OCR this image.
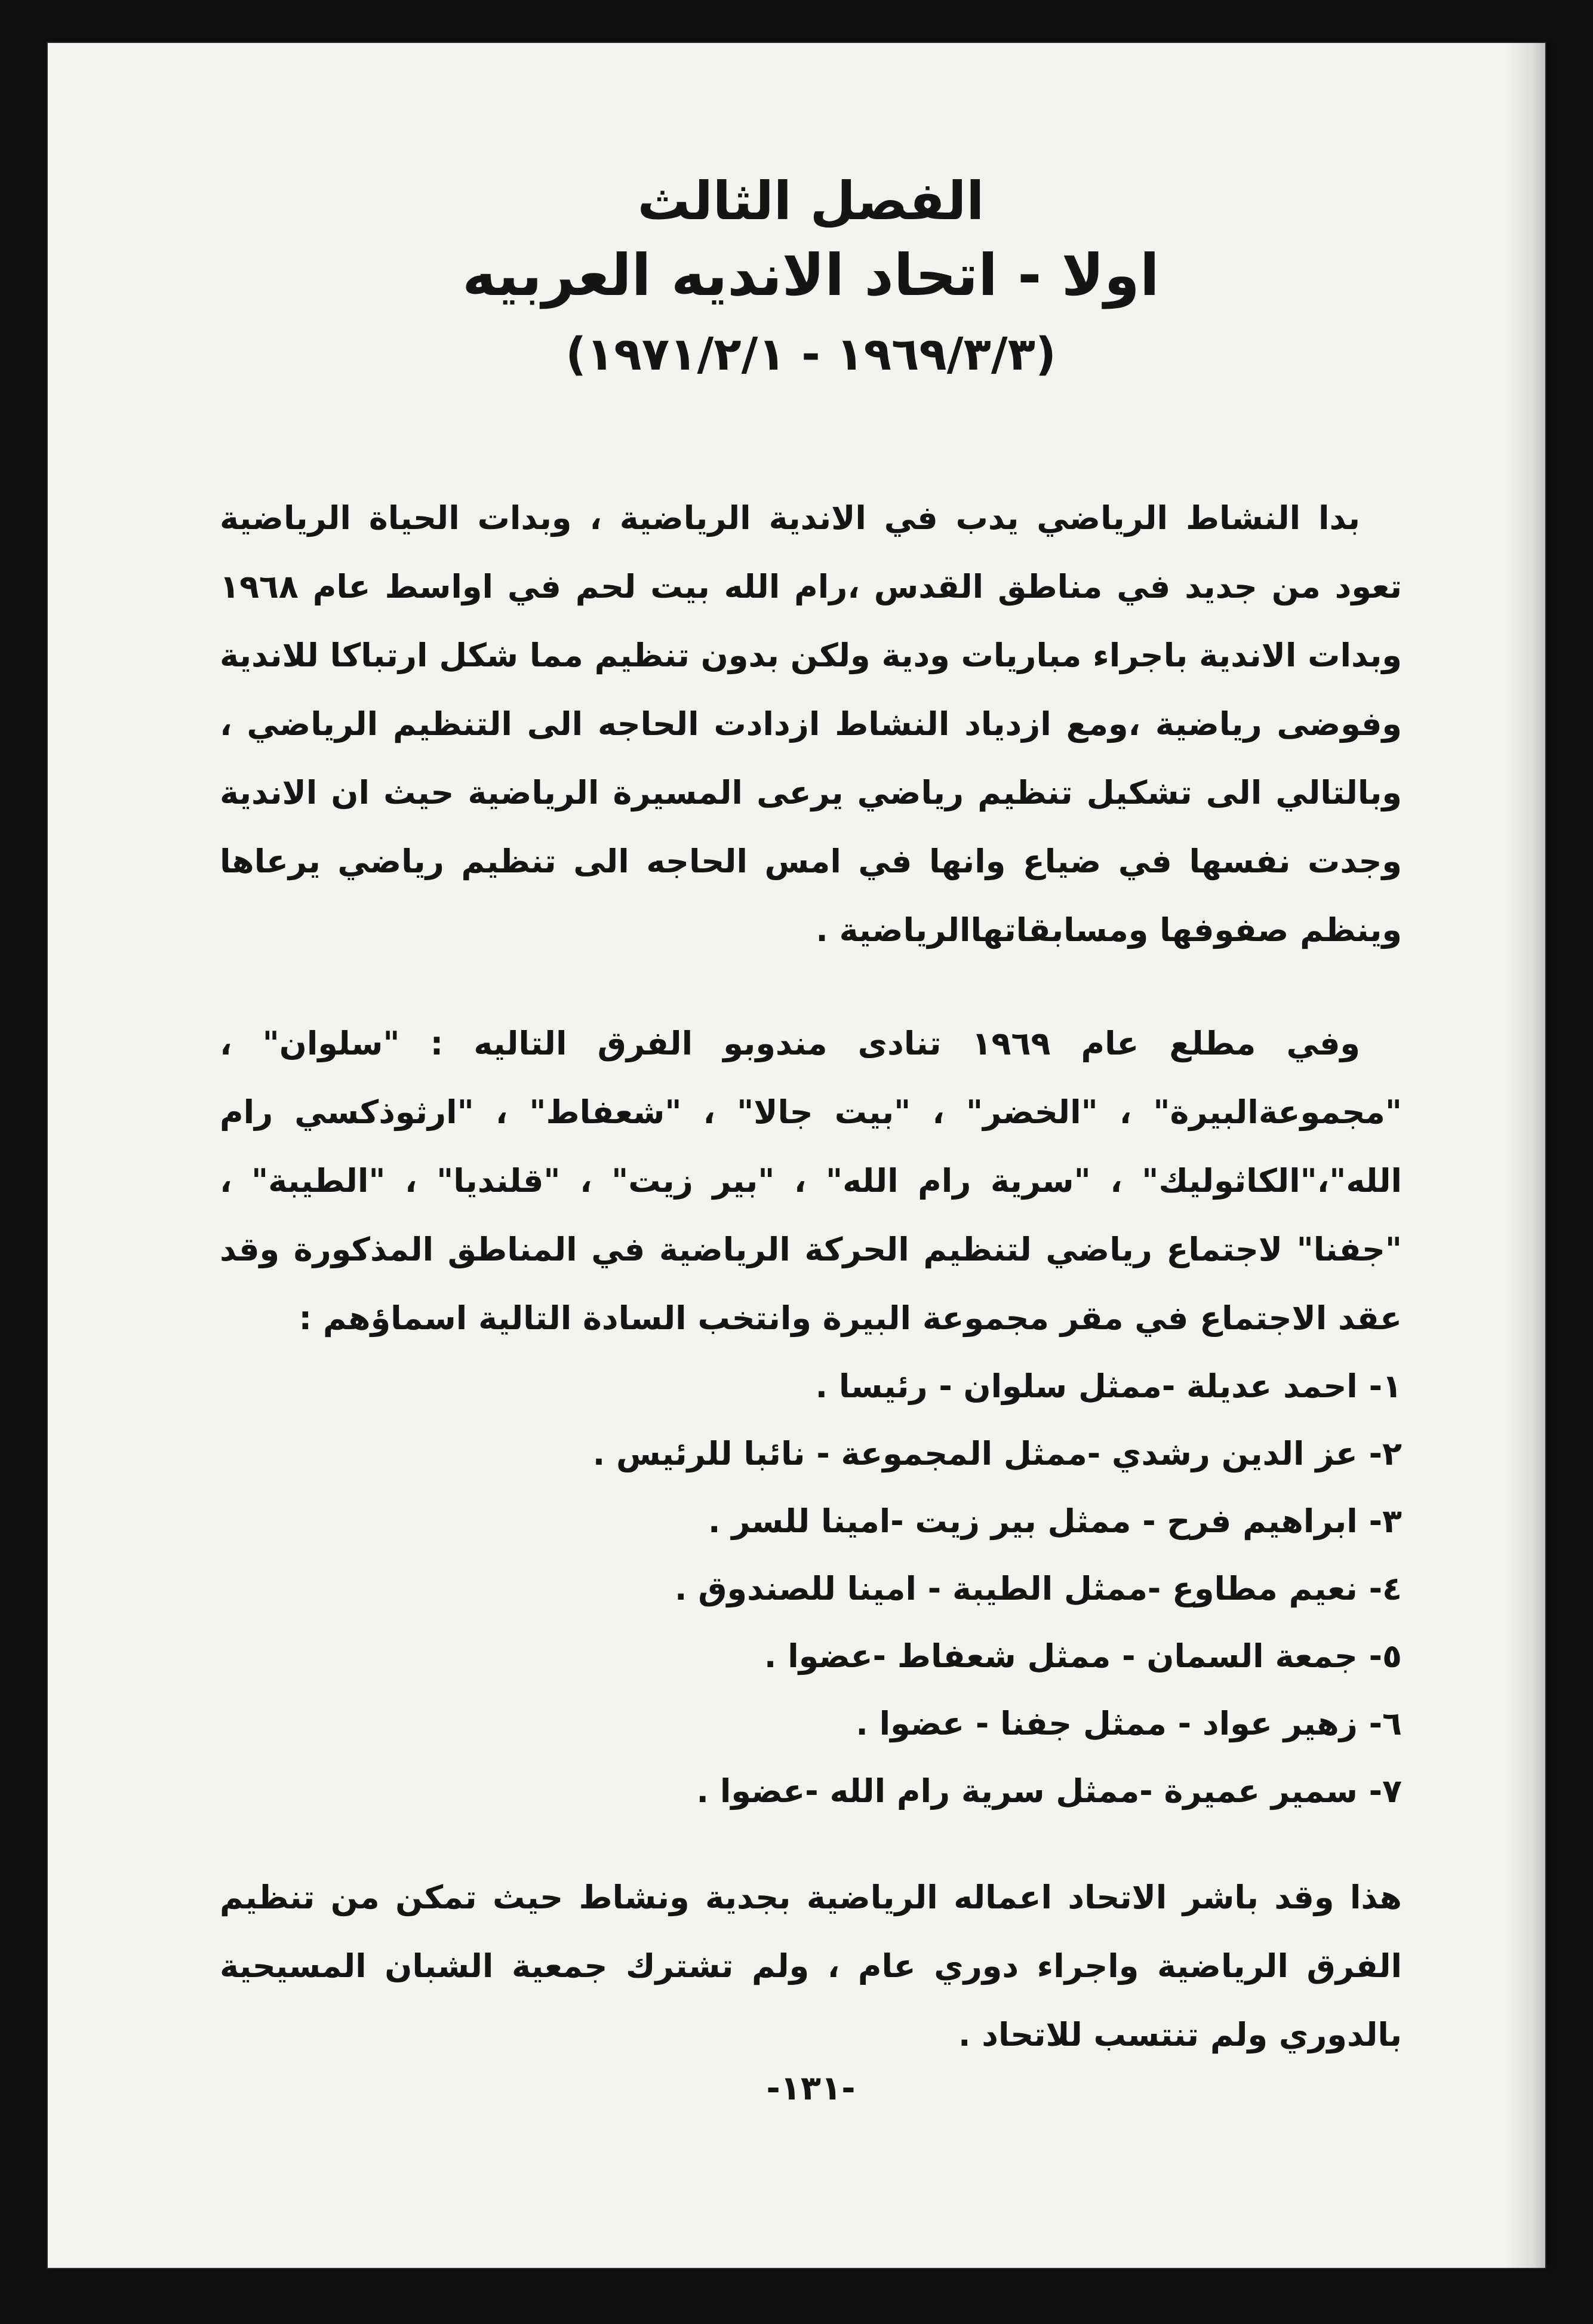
الفصل الثالث
اولا - اتحاد الانديه العربيه
(١٩٦٩/٣/٣ - ١٩٧١/٢/١)
بدا النشاط الرياضي يدب في الاندية الرياضية ، وبدات الحياة الرياضية تعود من جديد في مناطق القدس ،رام الله بيت لحم في اواسط عام ١٩٦٨ وبدات الاندية باجراء مباريات ودية ولكن بدون تنظيم مما شكل ارتباكا للاندية وفوضى رياضية ،ومع ازدياد النشاط ازدادت الحاجه الى التنظيم الرياضي ، وبالتالي الى تشكيل تنظيم رياضي يرعى المسيرة الرياضية حيث ان الاندية وجدت نفسها في ضياع وانها في امس الحاجه الى تنظيم رياضي يرعاها وينظم صفوفها ومسابقاتهاالرياضية .
وفي مطلع عام ١٩٦٩ تنادى مندوبو الفرق التاليه : "سلوان" ، "مجموعةالبيرة" ، "الخضر" ، "بيت جالا" ، "شعفاط" ، "ارثوذكسي رام الله"،"الكاثوليك" ، "سرية رام الله" ، "بير زيت" ، "قلنديا" ، "الطيبة" ، "جفنا" لاجتماع رياضي لتنظيم الحركة الرياضية في المناطق المذكورة وقد عقد الاجتماع في مقر مجموعة البيرة وانتخب السادة التالية اسماؤهم :
١- احمد عديلة -ممثل سلوان - رئيسا .
٢- عز الدين رشدي -ممثل المجموعة - نائبا للرئيس .
٣- ابراهيم فرح - ممثل بير زيت -امينا للسر .
٤- نعيم مطاوع -ممثل الطيبة - امينا للصندوق .
٥- جمعة السمان - ممثل شعفاط -عضوا .
٦- زهير عواد - ممثل جفنا - عضوا .
٧- سمير عميرة -ممثل سرية رام الله -عضوا .
هذا وقد باشر الاتحاد اعماله الرياضية بجدية ونشاط حيث تمكن من تنظيم الفرق الرياضية واجراء دوري عام ، ولم تشترك جمعية الشبان المسيحية بالدوري ولم تنتسب للاتحاد .
-١٣١-
